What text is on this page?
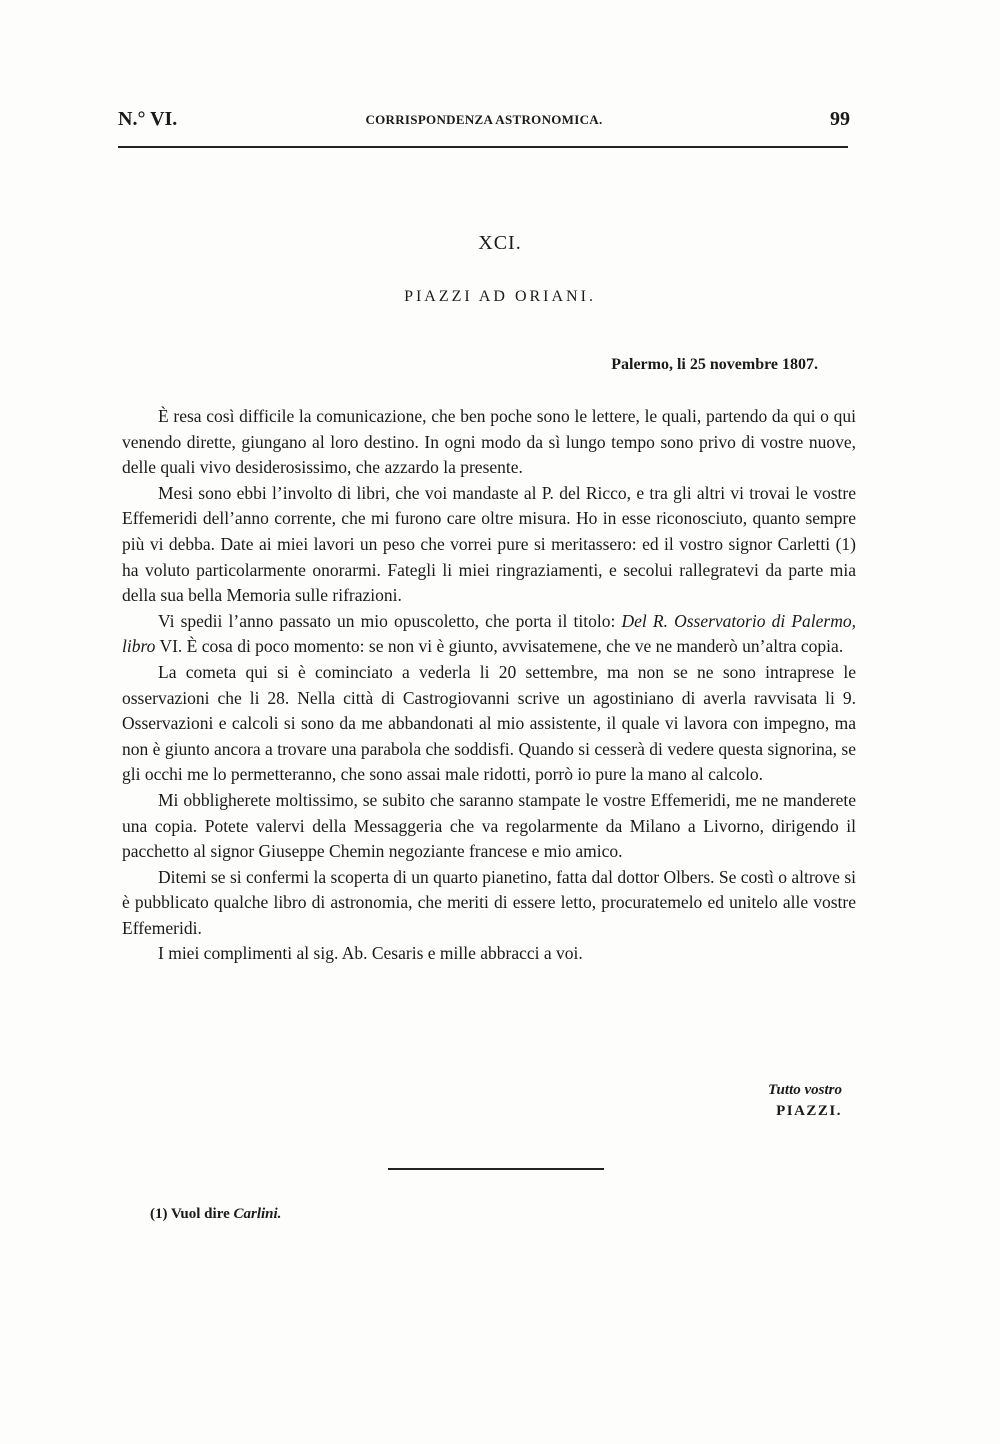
N.° VI.	CORRISPONDENZA ASTRONOMICA.	99
XCI.
PIAZZI AD ORIANI.
Palermo, li 25 novembre 1807.

È resa così difficile la comunicazione, che ben poche sono le lettere, le quali, partendo da qui o qui venendo dirette, giungano al loro destino. In ogni modo da sì lungo tempo sono privo di vostre nuove, delle quali vivo desiderosissimo, che azzardo la presente.

Mesi sono ebbi l’involto di libri, che voi mandaste al P. del Ricco, e tra gli altri vi trovai le vostre Effemeridi dell’anno corrente, che mi furono care oltre misura. Ho in esse riconosciuto, quanto sempre più vi debba. Date ai miei lavori un peso che vorrei pure si meritassero: ed il vostro signor Carletti (1) ha voluto particolarmente onorarmi. Fategli li miei ringraziamenti, e secolui rallegratevi da parte mia della sua bella Memoria sulle rifrazioni.

Vi spedii l’anno passato un mio opuscoletto, che porta il titolo: Del R. Osservatorio di Palermo, libro VI. È cosa di poco momento: se non vi è giunto, avvisatemene, che ve ne manderò un’altra copia.

La cometa qui si è cominciato a vederla li 20 settembre, ma non se ne sono intraprese le osservazioni che li 28. Nella città di Castrogiovanni scrive un agostiniano di averla ravvisata li 9. Osservazioni e calcoli si sono da me abbandonati al mio assistente, il quale vi lavora con impegno, ma non è giunto ancora a trovare una parabola che soddisfi. Quando si cesserà di vedere questa signorina, se gli occhi me lo permetteranno, che sono assai male ridotti, porrò io pure la mano al calcolo.

Mi obbligherete moltissimo, se subito che saranno stampate le vostre Effemeridi, me ne manderete una copia. Potete valervi della Messaggeria che va regolarmente da Milano a Livorno, dirigendo il pacchetto al signor Giuseppe Chemin negoziante francese e mio amico.

Ditemi se si confermi la scoperta di un quarto pianetino, fatta dal dottor Olbers. Se costì o altrove si è pubblicato qualche libro di astronomia, che meriti di essere letto, procuratemelo ed unitelo alle vostre Effemeridi.

I miei complimenti al sig. Ab. Cesaris e mille abbracci a voi.

Tutto vostro
PIAZZI.
(1) Vuol dire Carlini.
